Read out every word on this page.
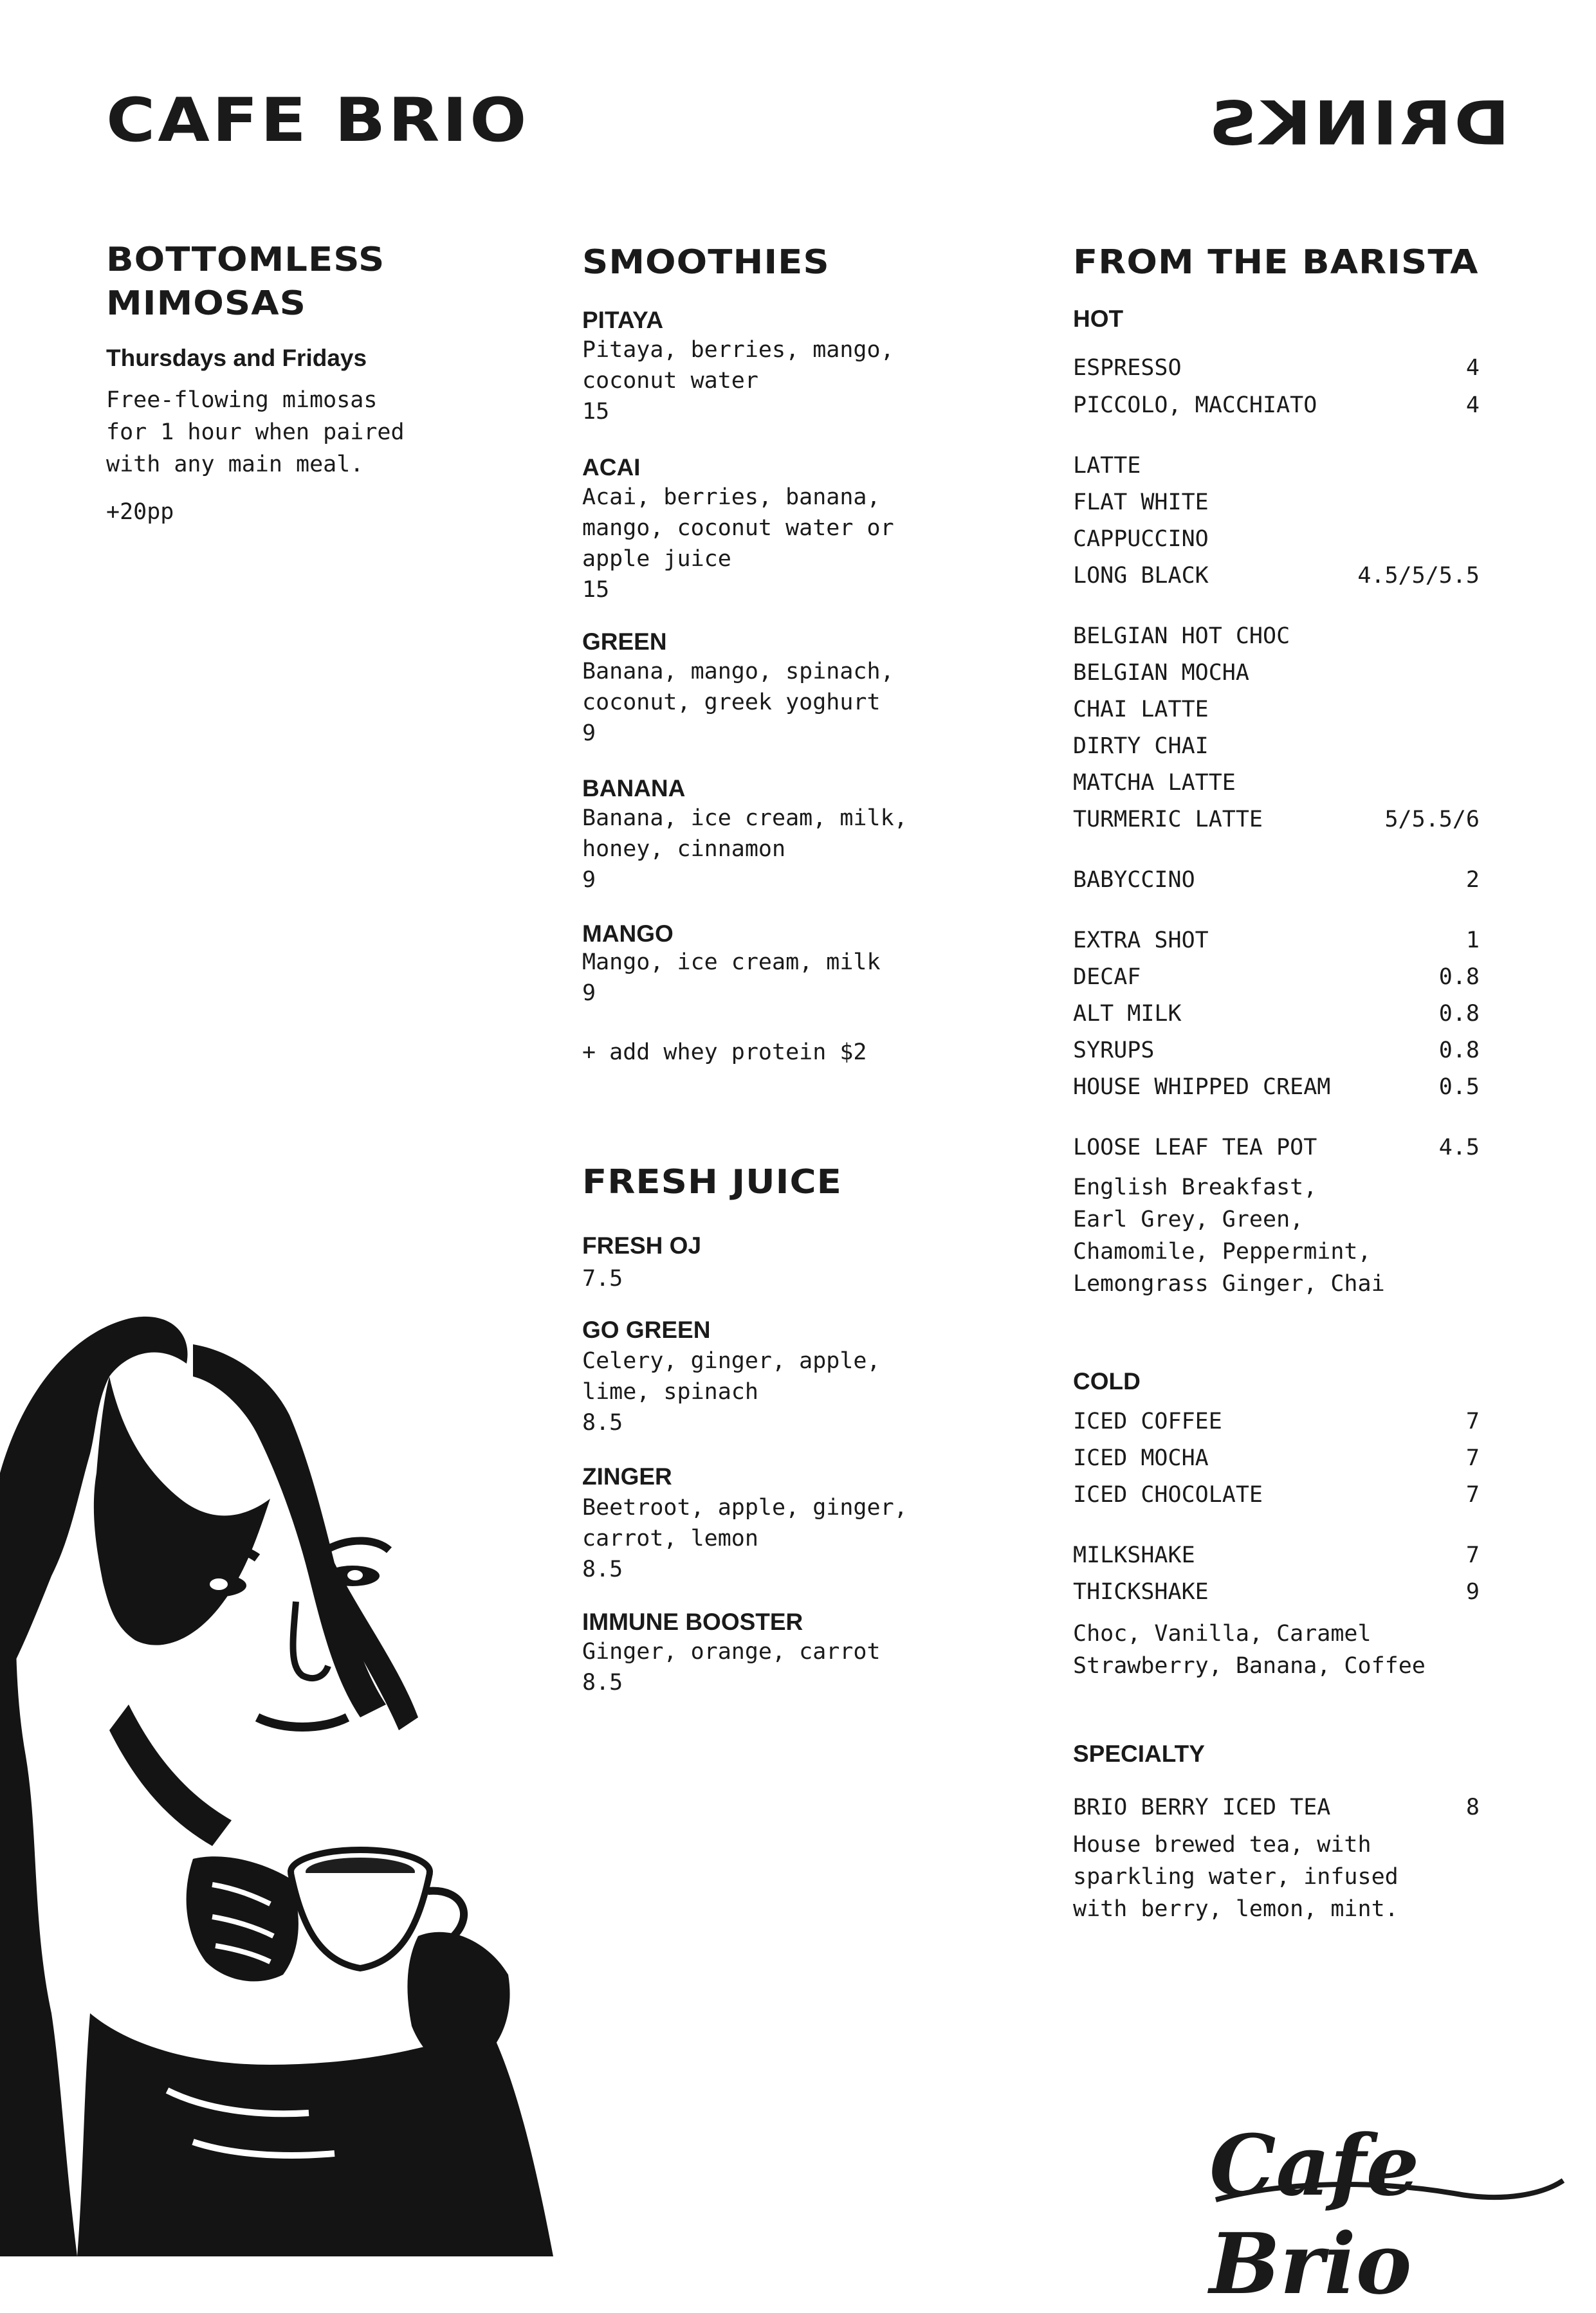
CAFE BRIO	DRINKS
BOTTOMLESS
MIMOSAS
Thursdays and Fridays
Free-flowing mimosas
for 1 hour when paired
with any main meal.
+20pp
SMOOTHIES
PITAYA
Pitaya, berries, mango,
coconut water
15
ACAI
Acai, berries, banana,
mango, coconut water or
apple juice
15
GREEN
Banana, mango, spinach,
coconut, greek yoghurt
9
BANANA
Banana, ice cream, milk,
honey, cinnamon
9
MANGO
Mango, ice cream, milk
9
+ add whey protein $2
FRESH JUICE
FRESH OJ
7.5
GO GREEN
Celery, ginger, apple,
lime, spinach
8.5
ZINGER
Beetroot, apple, ginger,
carrot, lemon
8.5
IMMUNE BOOSTER
Ginger, orange, carrot
8.5
FROM THE BARISTA
HOT
ESPRESSO	4
PICCOLO, MACCHIATO	4
LATTE
FLAT WHITE
CAPPUCCINO
LONG BLACK	4.5/5/5.5
BELGIAN HOT CHOC
BELGIAN MOCHA
CHAI LATTE
DIRTY CHAI
MATCHA LATTE
TURMERIC LATTE	5/5.5/6
BABYCCINO	2
EXTRA SHOT	1
DECAF	0.8
ALT MILK	0.8
SYRUPS	0.8
HOUSE WHIPPED CREAM	0.5
LOOSE LEAF TEA POT	4.5
English Breakfast,
Earl Grey, Green,
Chamomile, Peppermint,
Lemongrass Ginger, Chai
COLD
ICED COFFEE	7
ICED MOCHA	7
ICED CHOCOLATE	7
MILKSHAKE	7
THICKSHAKE	9
Choc, Vanilla, Caramel
Strawberry, Banana, Coffee
SPECIALTY
BRIO BERRY ICED TEA	8
House brewed tea, with
sparkling water, infused
with berry, lemon, mint.
Cafe Brio
